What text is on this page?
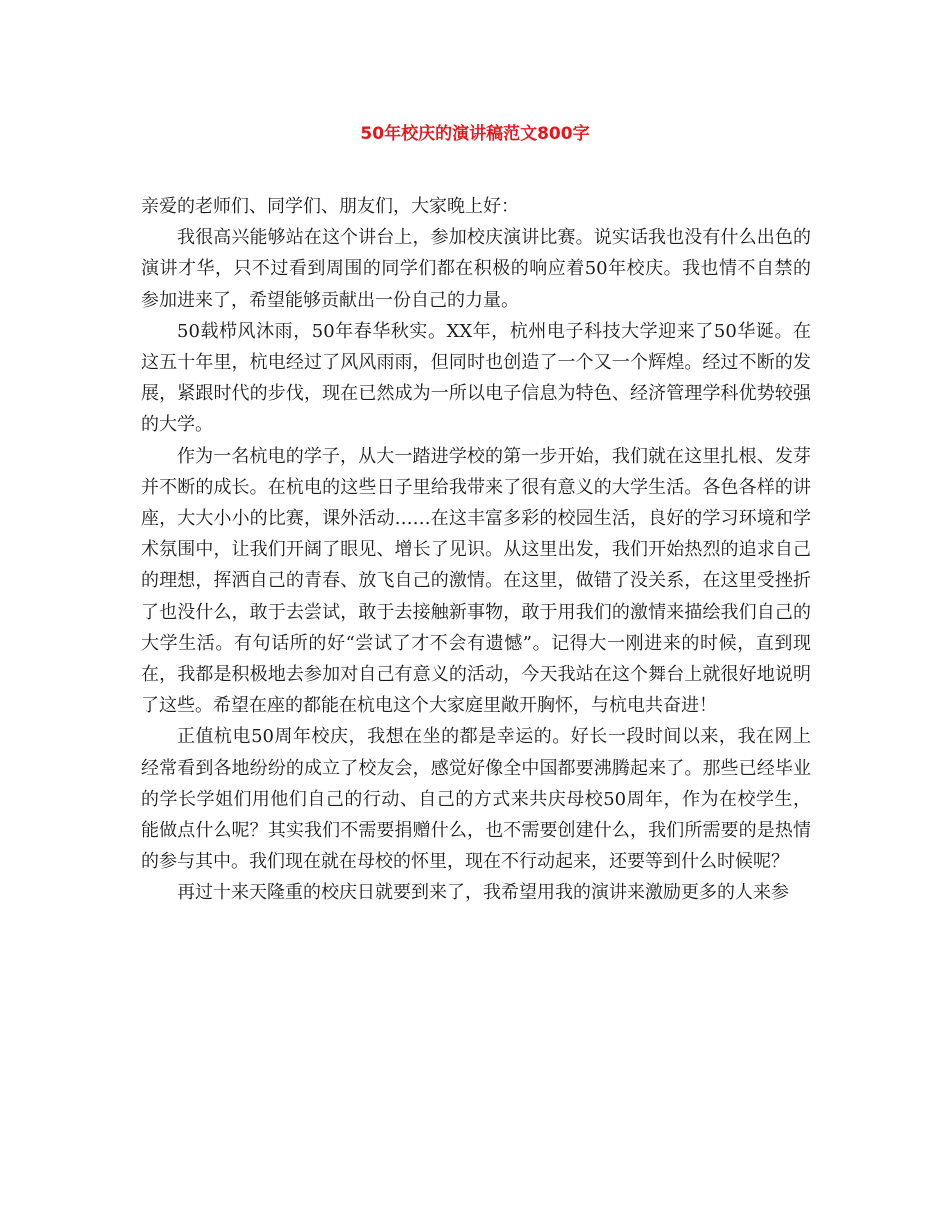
50年校庆的演讲稿范文800字

亲爱的老师们、同学们、朋友们，大家晚上好：

我很高兴能够站在这个讲台上，参加校庆演讲比赛。说实话我也没有什么出色的演讲才华，只不过看到周围的同学们都在积极的响应着50年校庆。我也情不自禁的参加进来了，希望能够贡献出一份自己的力量。

50载栉风沐雨，50年春华秋实。XX年，杭州电子科技大学迎来了50华诞。在这五十年里，杭电经过了风风雨雨，但同时也创造了一个又一个辉煌。经过不断的发展，紧跟时代的步伐，现在已然成为一所以电子信息为特色、经济管理学科优势较强的大学。

作为一名杭电的学子，从大一踏进学校的第一步开始，我们就在这里扎根、发芽并不断的成长。在杭电的这些日子里给我带来了很有意义的大学生活。各色各样的讲座，大大小小的比赛，课外活动……在这丰富多彩的校园生活，良好的学习环境和学术氛围中，让我们开阔了眼见、增长了见识。从这里出发，我们开始热烈的追求自己的理想，挥洒自己的青春、放飞自己的激情。在这里，做错了没关系，在这里受挫折了也没什么，敢于去尝试，敢于去接触新事物，敢于用我们的激情来描绘我们自己的大学生活。有句话所的好“尝试了才不会有遗憾”。记得大一刚进来的时候，直到现在，我都是积极地去参加对自己有意义的活动，今天我站在这个舞台上就很好地说明了这些。希望在座的都能在杭电这个大家庭里敞开胸怀，与杭电共奋进！

正值杭电50周年校庆，我想在坐的都是幸运的。好长一段时间以来，我在网上经常看到各地纷纷的成立了校友会，感觉好像全中国都要沸腾起来了。那些已经毕业的学长学姐们用他们自己的行动、自己的方式来共庆母校50周年，作为在校学生，能做点什么呢？其实我们不需要捐赠什么，也不需要创建什么，我们所需要的是热情的参与其中。我们现在就在母校的怀里，现在不行动起来，还要等到什么时候呢？

再过十来天隆重的校庆日就要到来了，我希望用我的演讲来激励更多的人来参
